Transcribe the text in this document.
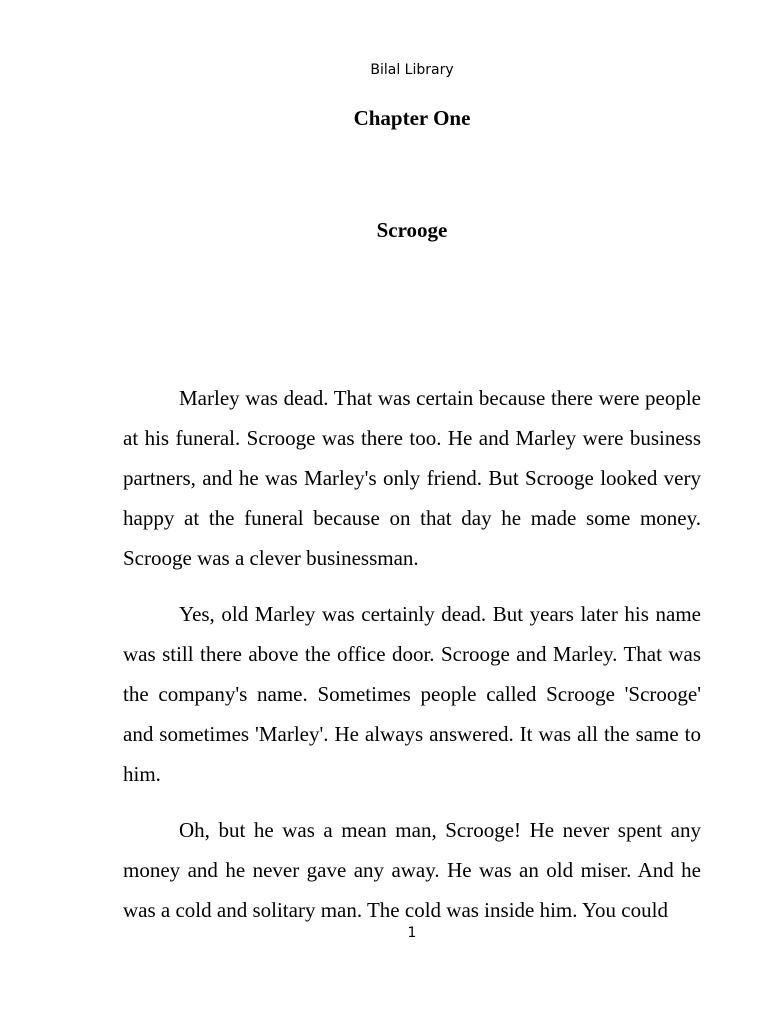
Bilal Library
Chapter One
Scrooge

Marley was dead. That was certain because there were people at his funeral. Scrooge was there too. He and Marley were business partners, and he was Marley's only friend. But Scrooge looked very happy at the funeral because on that day he made some money. Scrooge was a clever businessman.

Yes, old Marley was certainly dead. But years later his name was still there above the office door. Scrooge and Marley. That was the company's name. Sometimes people called Scrooge 'Scrooge' and sometimes 'Marley'. He always answered. It was all the same to him.

Oh, but he was a mean man, Scrooge! He never spent any money and he never gave any away. He was an old miser. And he was a cold and solitary man. The cold was inside him. You could

1
